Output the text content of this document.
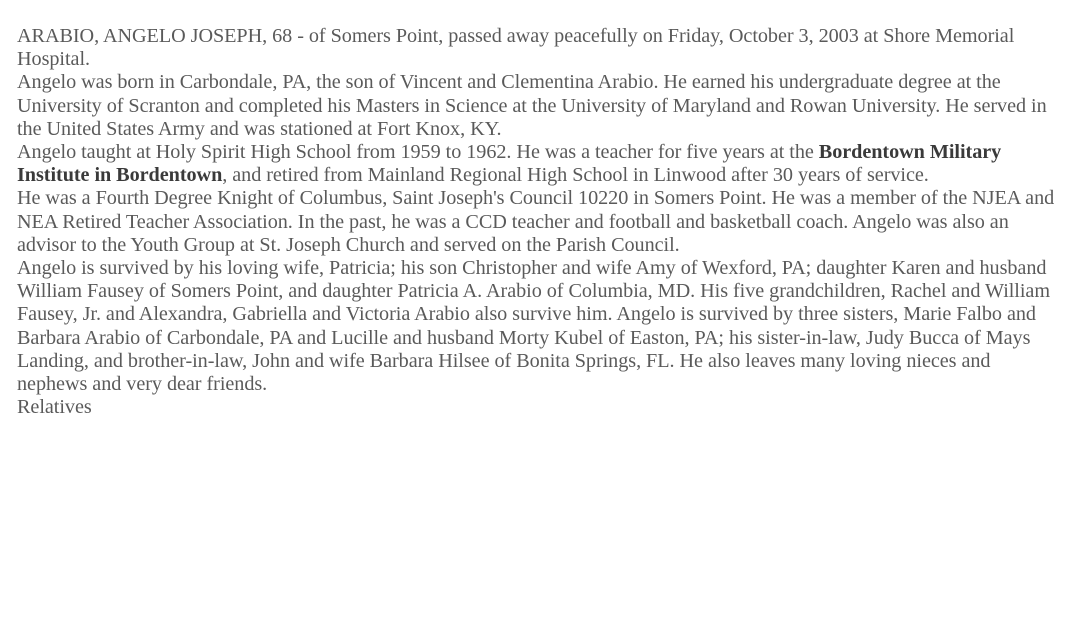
ARABIO, ANGELO JOSEPH, 68 - of Somers Point, passed away peacefully on Friday, October 3, 2003 at Shore Memorial Hospital.

Angelo was born in Carbondale, PA, the son of Vincent and Clementina Arabio. He earned his undergraduate degree at the University of Scranton and completed his Masters in Science at the University of Maryland and Rowan University. He served in the United States Army and was stationed at Fort Knox, KY.

Angelo taught at Holy Spirit High School from 1959 to 1962. He was a teacher for five years at the Bordentown Military Institute in Bordentown, and retired from Mainland Regional High School in Linwood after 30 years of service.

He was a Fourth Degree Knight of Columbus, Saint Joseph's Council 10220 in Somers Point. He was a member of the NJEA and NEA Retired Teacher Association. In the past, he was a CCD teacher and football and basketball coach. Angelo was also an advisor to the Youth Group at St. Joseph Church and served on the Parish Council.

Angelo is survived by his loving wife, Patricia; his son Christopher and wife Amy of Wexford, PA; daughter Karen and husband William Fausey of Somers Point, and daughter Patricia A. Arabio of Columbia, MD. His five grandchildren, Rachel and William Fausey, Jr. and Alexandra, Gabriella and Victoria Arabio also survive him. Angelo is survived by three sisters, Marie Falbo and Barbara Arabio of Carbondale, PA and Lucille and husband Morty Kubel of Easton, PA; his sister-in-law, Judy Bucca of Mays Landing, and brother-in-law, John and wife Barbara Hilsee of Bonita Springs, FL. He also leaves many loving nieces and nephews and very dear friends.

Relatives
